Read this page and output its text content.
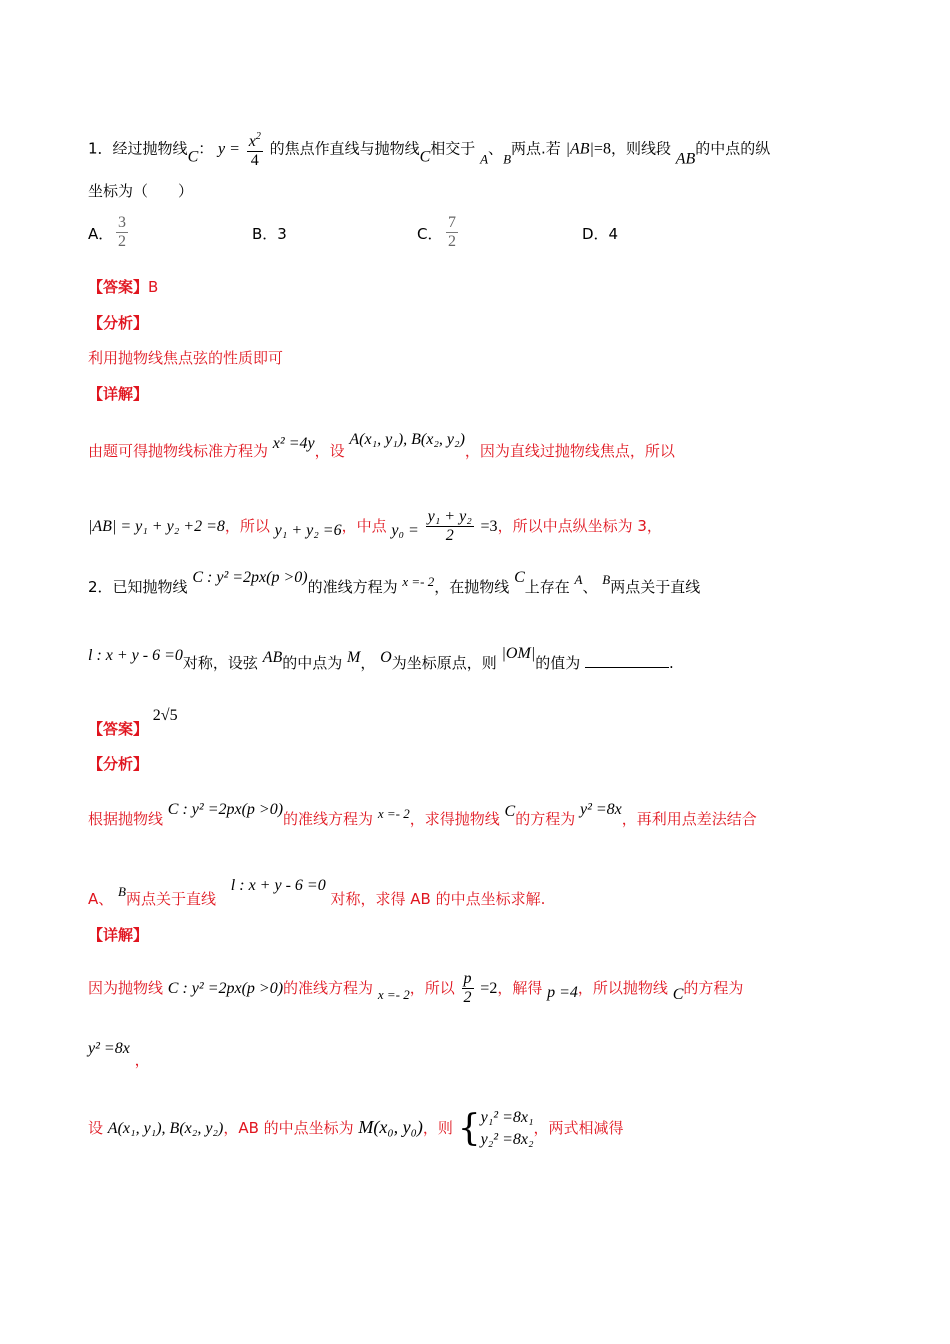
1．经过抛物线C： $y = \frac{x^2}{4}$ 的焦点作直线与抛物线C相交于 A、B两点.若 |AB|=8，则线段 AB的中点的纵
坐标为（　　）
A． $\frac{3}{2}$	B．3	C． $\frac{7}{2}$	D．4
【答案】B
【分析】
利用抛物线焦点弦的性质即可
【详解】
由题可得抛物线标准方程为 x² =4y，设 A(x₁, y₁), B(x₂, y₂)，因为直线过抛物线焦点，所以
|AB| = y₁ + y₂ +2 =8，所以 y₁ + y₂ =6，中点 $y_0 = \frac{\text{y₁ + y₂}}{2} =3$，所以中点纵坐标为 3，
2．已知抛物线 C : y² =2px(p >0)的准线方程为 x =- 2，在抛物线 C上存在 A、 B两点关于直线
l : x + y - 6 =0对称，设弦 AB的中点为 M， O为坐标原点，则 |OM|的值为	.
【答案】 2√5
【分析】
根据抛物线 C : y² =2px(p >0)的准线方程为 x =- 2，求得抛物线 C的方程为 y² =8x，再利用点差法结合
A、 B两点关于直线 l : x + y - 6 =0 对称，求得 AB 的中点坐标求解.
【详解】
因为抛物线 C : y² =2px(p >0)的准线方程为 x =- 2，所以 $\frac{p}{2} =2$，解得 p =4，所以抛物线 C的方程为
y² =8x ，
设 A(x₁, y₁), B(x₂, y₂)，AB 的中点坐标为 M(x₀, y₀)，则 { y₁² =8x₁
y₂² =8x₂
，两式相减得
